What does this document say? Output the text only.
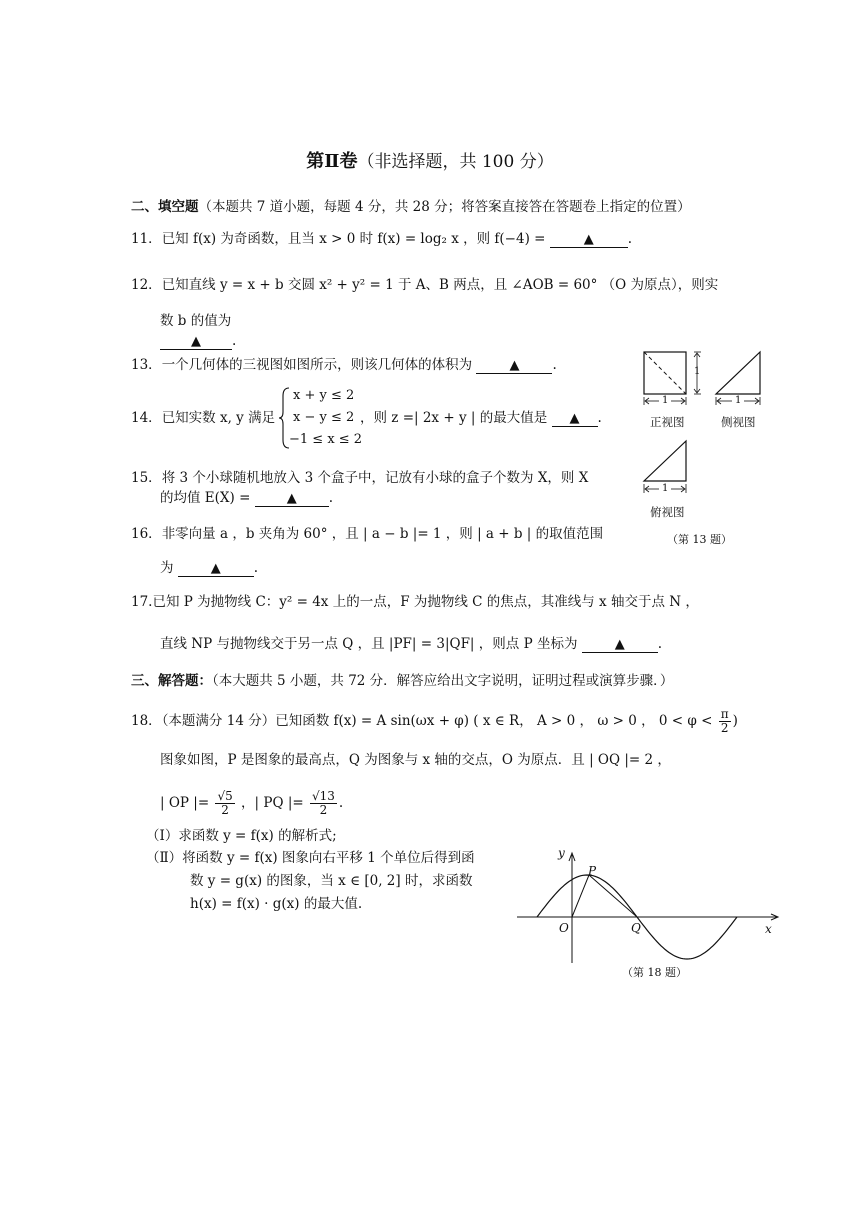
第Ⅱ卷（非选择题，共 100 分）
二、填空题（本题共 7 道小题，每题 4 分，共 28 分；将答案直接答在答题卷上指定的位置）
11．已知 f(x) 为奇函数，且当 x > 0 时 f(x) = log₂ x ，则 f(−4) =	▲	.
12．已知直线 y = x + b 交圆 x² + y² = 1 于 A、B 两点，且 ∠AOB = 60° （O 为原点），则实
数 b 的值为
▲ .
13．一个几何体的三视图如图所示，则该几何体的体积为	▲ .
14．已知实数 x, y 满足
x + y ≤ 2
x − y ≤ 2
−1 ≤ x ≤ 2
，则 z =| 2x + y | 的最大值是 ▲ .
15．将 3 个小球随机地放入 3 个盒子中，记放有小球的盒子个数为 X，则 X
的均值 E(X) =	▲ .
16．非零向量 a ，b 夹角为 60° ，且 | a − b |= 1 ，则 | a + b | 的取值范围
为	▲ .
17.已知 P 为抛物线 C：y² = 4x 上的一点，F 为抛物线 C 的焦点，其准线与 x 轴交于点 N ，
直线 NP 与抛物线交于另一点 Q ，且 |PF| = 3|QF| ，则点 P 坐标为	▲ .
三、解答题：（本大题共 5 小题，共 72 分．解答应给出文字说明，证明过程或演算步骤．）
18．（本题满分 14 分）已知函数 f(x) = A sin(ωx + φ) ( x ∈ R， A > 0 ， ω > 0 ， $0 < \varphi < \frac{\pi}{2}$ )
图象如图，P 是图象的最高点，Q 为图象与 x 轴的交点，O 为原点．且 | OQ |= 2 ，
| OP |= $\frac{√5}{2}$ ，| PQ |= $\frac{√13}{2}$ .
（Ⅰ）求函数 y = f(x) 的解析式;
（Ⅱ）将函数 y = f(x) 图象向右平移 1 个单位后得到函
数 y = g(x) 的图象，当 x ∈ [0, 2] 时，求函数
h(x) = f(x) · g(x) 的最大值.
1
1	1
1
正视图	侧视图
俯视图
（第 13 题）
y
x
P
O	Q
（第 18 题）
